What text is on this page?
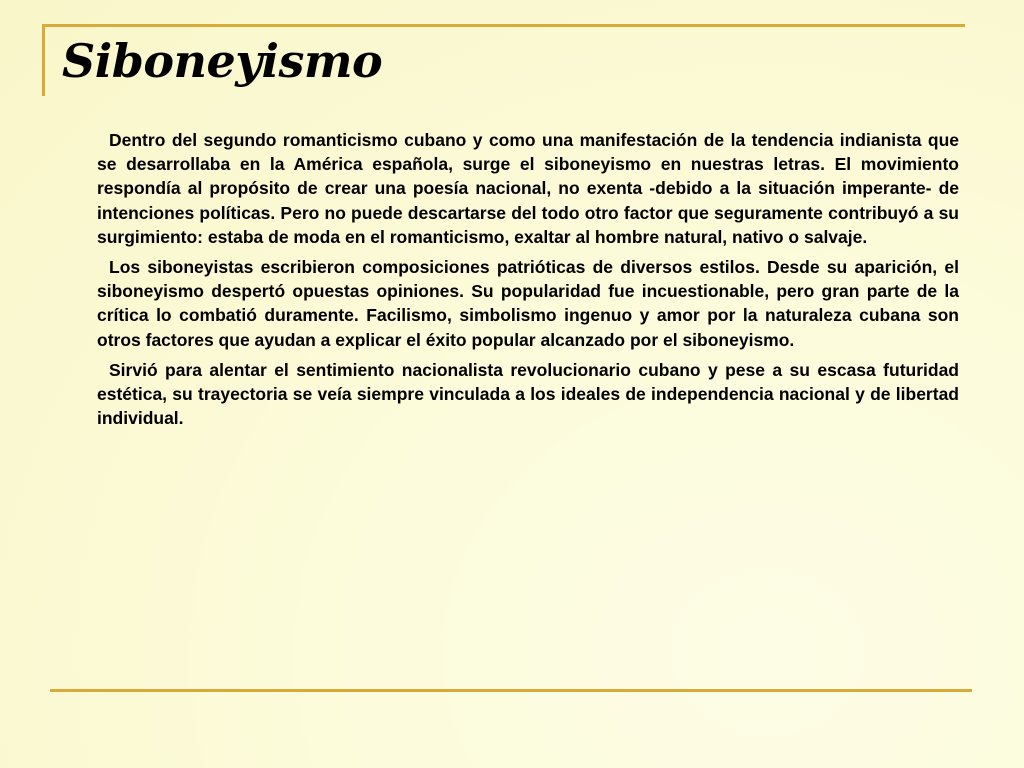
Siboneyismo

Dentro del segundo romanticismo cubano y como una manifestación de la tendencia indianista que se desarrollaba en la América española, surge el siboneyismo en nuestras letras. El movimiento respondía al propósito de crear una poesía nacional, no exenta -debido a la situación imperante- de intenciones políticas. Pero no puede descartarse del todo otro factor que seguramente contribuyó a su surgimiento: estaba de moda en el romanticismo, exaltar al hombre natural, nativo o salvaje.

Los siboneyistas escribieron composiciones patrióticas de diversos estilos. Desde su aparición, el siboneyismo despertó opuestas opiniones. Su popularidad fue incuestionable, pero gran parte de la crítica lo combatió duramente. Facilismo, simbolismo ingenuo y amor por la naturaleza cubana son otros factores que ayudan a explicar el éxito popular alcanzado por el siboneyismo.

Sirvió para alentar el sentimiento nacionalista revolucionario cubano y pese a su escasa futuridad estética, su trayectoria se veía siempre vinculada a los ideales de independencia nacional y de libertad individual.
